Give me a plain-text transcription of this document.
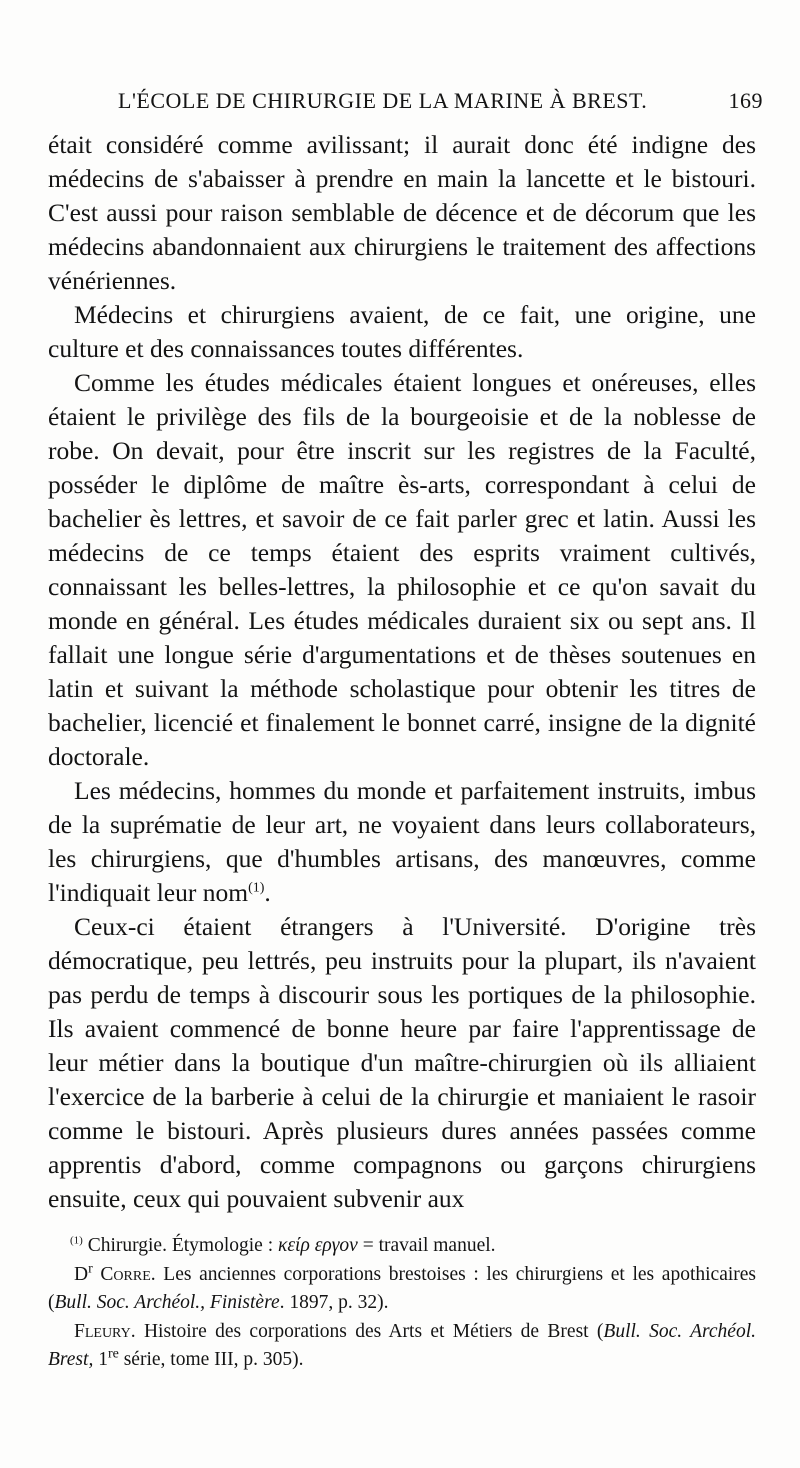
L'ÉCOLE DE CHIRURGIE DE LA MARINE À BREST.	169

était considéré comme avilissant; il aurait donc été indigne des médecins de s'abaisser à prendre en main la lancette et le bistouri. C'est aussi pour raison semblable de décence et de décorum que les médecins abandonnaient aux chirurgiens le traitement des affections vénériennes.

Médecins et chirurgiens avaient, de ce fait, une origine, une culture et des connaissances toutes différentes.

Comme les études médicales étaient longues et onéreuses, elles étaient le privilège des fils de la bourgeoisie et de la noblesse de robe. On devait, pour être inscrit sur les registres de la Faculté, posséder le diplôme de maître ès-arts, correspondant à celui de bachelier ès lettres, et savoir de ce fait parler grec et latin. Aussi les médecins de ce temps étaient des esprits vraiment cultivés, connaissant les belles-lettres, la philosophie et ce qu'on savait du monde en général. Les études médicales duraient six ou sept ans. Il fallait une longue série d'argumentations et de thèses soutenues en latin et suivant la méthode scholastique pour obtenir les titres de bachelier, licencié et finalement le bonnet carré, insigne de la dignité doctorale.

Les médecins, hommes du monde et parfaitement instruits, imbus de la suprématie de leur art, ne voyaient dans leurs collaborateurs, les chirurgiens, que d'humbles artisans, des manœuvres, comme l'indiquait leur nom$^{(1)}$.

Ceux-ci étaient étrangers à l'Université. D'origine très démocratique, peu lettrés, peu instruits pour la plupart, ils n'avaient pas perdu de temps à discourir sous les portiques de la philosophie. Ils avaient commencé de bonne heure par faire l'apprentissage de leur métier dans la boutique d'un maître-chirurgien où ils alliaient l'exercice de la barberie à celui de la chirurgie et maniaient le rasoir comme le bistouri. Après plusieurs dures années passées comme apprentis d'abord, comme compagnons ou garçons chirurgiens ensuite, ceux qui pouvaient subvenir aux

$^{(1)}$ Chirurgie. Étymologie : κείρ εργον = travail manuel.

$D^r$ Corre. Les anciennes corporations brestoises : les chirurgiens et les apothicaires (Bull. Soc. Archéol., Finistère. 1897, p. 32).

Fleury. Histoire des corporations des Arts et Métiers de Brest (Bull. Soc. Archéol. Brest, 1re série, tome III, p. 305).
